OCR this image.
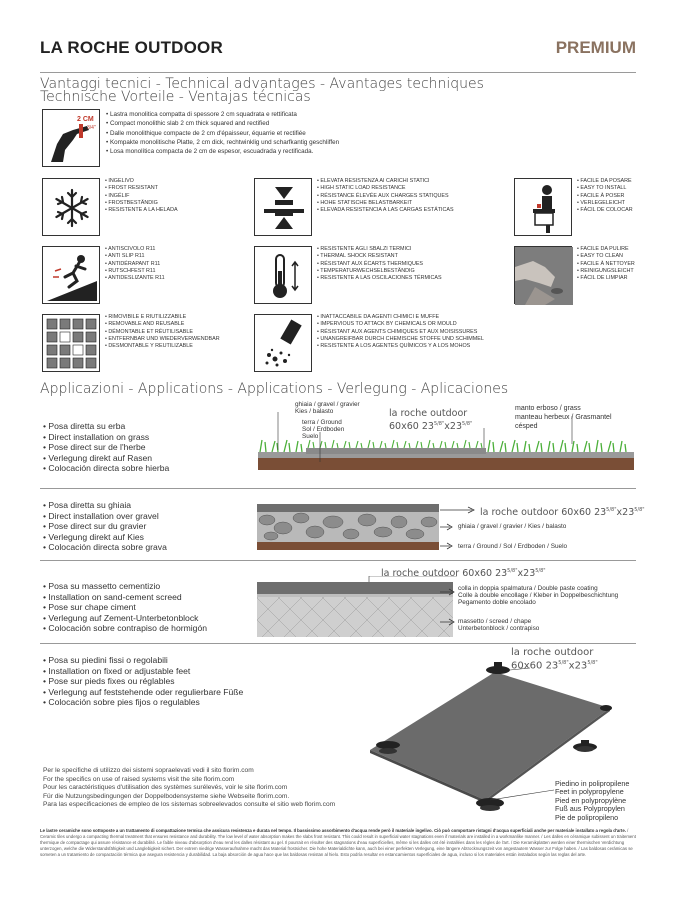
LA ROCHE OUTDOOR	PREMIUM
Vantaggi tecnici - Technical advantages - Avantages techniques
Technische Vorteile - Ventajas técnicas
2 CM
3/4"
• Lastra monolitica compatta di spessore 2 cm squadrata e rettificata
• Compact monolithic slab 2 cm thick squared and rectified
• Dalle monolithique compacte de 2 cm d'épaisseur, équarrie et rectifiée
• Kompakte monolitische Platte, 2 cm dick, rechtwinklig und scharfkantig geschliffen
• Losa monolítica compacta de 2 cm de espesor, escuadrada y rectificada.
• INGELIVO
• FROST RESISTANT
• INGÉLIF
• FROSTBESTÄNDIG
• RESISTENTE A LA HELADA
• ELEVATA RESISTENZA AI CARICHI STATICI
• HIGH STATIC LOAD RESISTANCE
• RÉSISTANCE ÉLEVÉE AUX CHARGES STATIQUES
• HOHE STATISCHE BELASTBARKEIT
• ELEVADA RESISTENCIA A LAS CARGAS ESTÁTICAS
• FACILE DA POSARE
• EASY TO INSTALL
• FACILE À POSER
• VERLEGELEICHT
• FÁCIL DE COLOCAR
• ANTISCIVOLO R11
• ANTI SLIP R11
• ANTIDÉRAPANT R11
• RUTSCHFEST R11
• ANTIDESLIZANTE R11
• RESISTENTE AGLI SBALZI TERMICI
• THERMAL SHOCK RESISTANT
• RÉSISTANT AUX ÉCARTS THERMIQUES
• TEMPERATURWECHSELBESTÄNDIG
• RESISTENTE A LAS OSCILACIONES TÉRMICAS
• FACILE DA PULIRE
• EASY TO CLEAN
• FACILE À NETTOYER
• REINIGUNGSLEICHT
• FÁCIL DE LIMPIAR
• RIMOVIBILE E RIUTILIZZABILE
• REMOVABLE AND REUSABLE
• DÉMONTABLE ET RÉUTILISABLE
• ENTFERNBAR UND WIEDERVERWENDBAR
• DESMONTABLE Y REUTILIZABLE
• INATTACCABILE DA AGENTI CHIMICI E MUFFE
• IMPERVIOUS TO ATTACK BY CHEMICALS OR MOULD
• RÉSISTANT AUX AGENTS CHIMIQUES ET AUX MOISISSURES
• UNANGREIFBAR DURCH CHEMISCHE STOFFE UND SCHIMMEL
• RESISTENTE A LOS AGENTES QUÍMICOS Y A LOS MOHOS
Applicazioni - Applications - Applications - Verlegung - Aplicaciones
• Posa diretta su erba
• Direct installation on grass
• Pose direct sur de l'herbe
• Verlegung direkt auf Rasen
• Colocación directa sobre hierba
ghiaia / gravel / gravier
Kies / balasto
terra / Ground
Sol / Erdboden
Suelo
la roche outdoor
60x60 $23^{5/8"}x23^{5/8"}$
manto erboso / grass
manteau herbeux / Grasmantel
césped
• Posa diretta su ghiaia
• Direct installation over gravel
• Pose direct sur du gravier
• Verlegung direkt auf Kies
• Colocación directa sobre grava
la roche outdoor 60x60 $23^{5/8"}x23^{5/8"}$
ghiaia / gravel / gravier / Kies / balasto
terra / Ground / Sol / Erdboden / Suelo
• Posa su massetto cementizio
• Installation on sand-cement screed
• Pose sur chape ciment
• Verlegung auf Zement-Unterbetonblock
• Colocación sobre contrapiso de hormigón
la roche outdoor 60x60 $23^{5/8"}x23^{5/8"}$
colla in doppia spalmatura / Double paste coating
Colle à double encollage / Kleber in Doppelbeschichtung
Pegamento doble encolado
massetto / screed / chape
Unterbetonblock / contrapiso
• Posa su piedini fissi o regolabili
• Installation on fixed or adjustable feet
• Pose sur pieds fixes ou réglables
• Verlegung auf feststehende oder regulierbare Füße
• Colocación sobre pies fijos o regulables
la roche outdoor
60x60 $23^{5/8"}x23^{5/8"}$
Piedino in polipropilene
Feet in polypropylene
Pied en polypropylène
Fuß aus Polypropylen
Pie de polipropileno
Per le specifiche di utilizzo dei sistemi sopraelevati vedi il sito florim.com
For the specifics on use of raised systems visit the site florim.com
Pour les caractéristiques d'utilisation des systèmes surélevés, voir le site florim.com
Für die Nutzungsbedingungen der Doppelbodensysteme siehe Webseite florim.com.
Para las especificaciones de empleo de los sistemas sobreelevados consulte el sitio web florim.com
Le lastre ceramiche sono sottoposte a un trattamento di compattazione termica che assicura resistenza e durata nel tempo. Il bassissimo assorbimento d'acqua rende però il materiale ingelivo. Ciò può comportare ristagni d'acqua superficiali anche per materiale installato a regola d'arte. / Ceramic tiles undergo a compacting thermal treatment that ensures resistance and durability. The low level of water absorption makes the slabs frost resistant. This could result in superficial water stagnations even if materials are installed in a workmanlike manner. / Les dalles en céramique subissent un traitement thermique de compactage qui assure résistance et durabilité. Le faible niveau d'absorption d'eau rend les dalles résistant au gel. Il pourrait en résulter des stagnations d'eau superficielles, même si les dalles ont été installées dans les règles de l'art. / Die Keramikplatten werden einer thermischen Verdichtung unterzogen, welche die Widerstandsfähigkeit und Langlebigkeit sichert. Der extrem niedrige Wasseraufnahme macht das Material frostsicher. Die hohe Materialdichte kann, auch bei einer perfekten Verlegung, eine längere Abtrocknungszeit von angestautem Wasser zur Folge haben. / Las baldosas cerámicas se someten a un tratamiento de compactación térmica que asegura resistencia y durabilidad. La baja absorción de agua hace que las baldosas resistan al hielo. Esto podría resultar en estancamientos superficiales de agua, incluso si los materiales están instalados según las reglas del arte.
